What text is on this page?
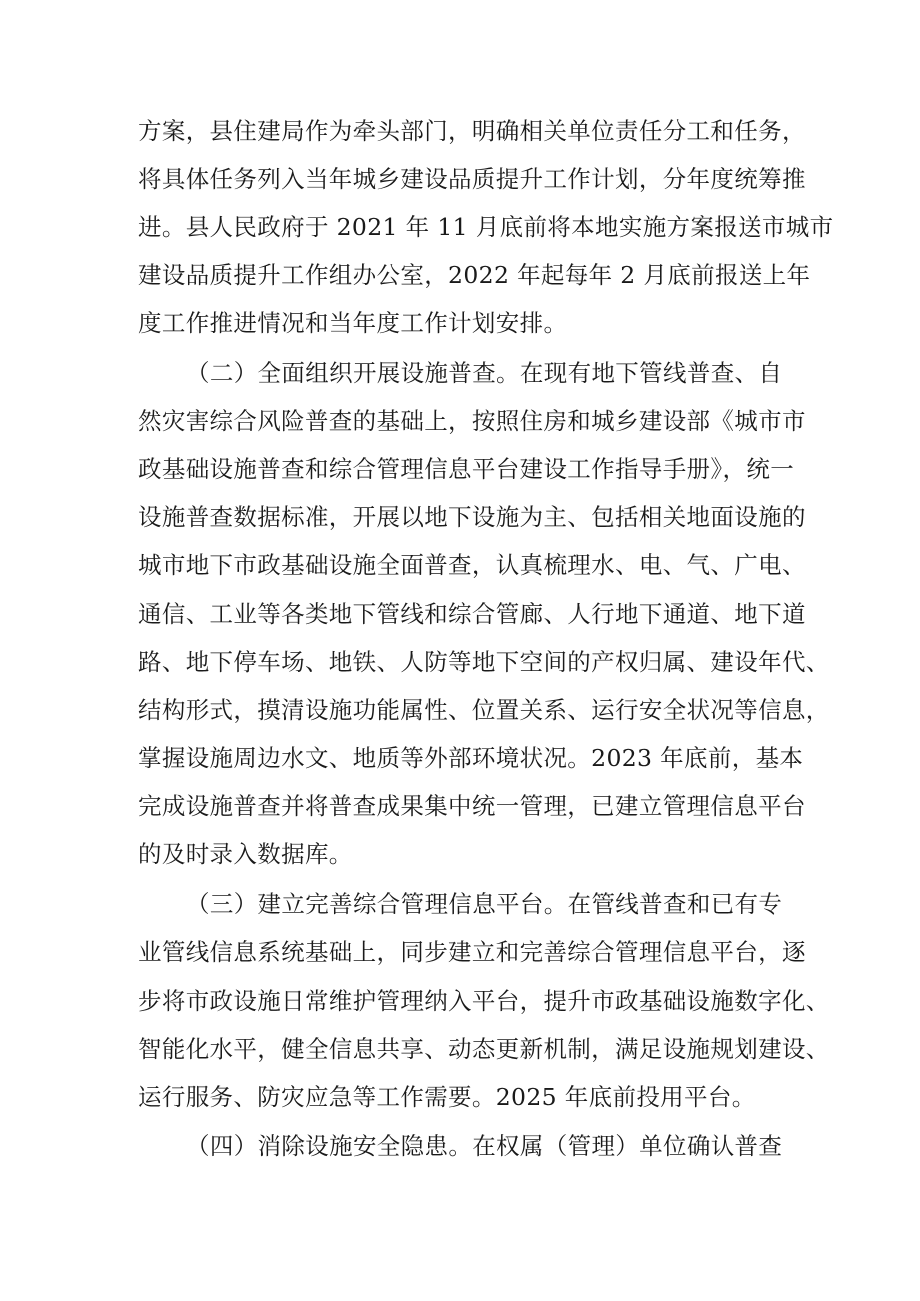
方案，县住建局作为牵头部门，明确相关单位责任分工和任务，
将具体任务列入当年城乡建设品质提升工作计划，分年度统筹推
进。县人民政府于 2021 年 11 月底前将本地实施方案报送市城市
建设品质提升工作组办公室，2022 年起每年 2 月底前报送上年
度工作推进情况和当年度工作计划安排。
（二）全面组织开展设施普查。在现有地下管线普查、自
然灾害综合风险普查的基础上，按照住房和城乡建设部《城市市
政基础设施普查和综合管理信息平台建设工作指导手册》，统一
设施普查数据标准，开展以地下设施为主、包括相关地面设施的
城市地下市政基础设施全面普查，认真梳理水、电、气、广电、
通信、工业等各类地下管线和综合管廊、人行地下通道、地下道
路、地下停车场、地铁、人防等地下空间的产权归属、建设年代、
结构形式，摸清设施功能属性、位置关系、运行安全状况等信息，
掌握设施周边水文、地质等外部环境状况。2023 年底前，基本
完成设施普查并将普查成果集中统一管理，已建立管理信息平台
的及时录入数据库。
（三）建立完善综合管理信息平台。在管线普查和已有专
业管线信息系统基础上，同步建立和完善综合管理信息平台，逐
步将市政设施日常维护管理纳入平台，提升市政基础设施数字化、
智能化水平，健全信息共享、动态更新机制，满足设施规划建设、
运行服务、防灾应急等工作需要。2025 年底前投用平台。
（四）消除设施安全隐患。在权属（管理）单位确认普查
